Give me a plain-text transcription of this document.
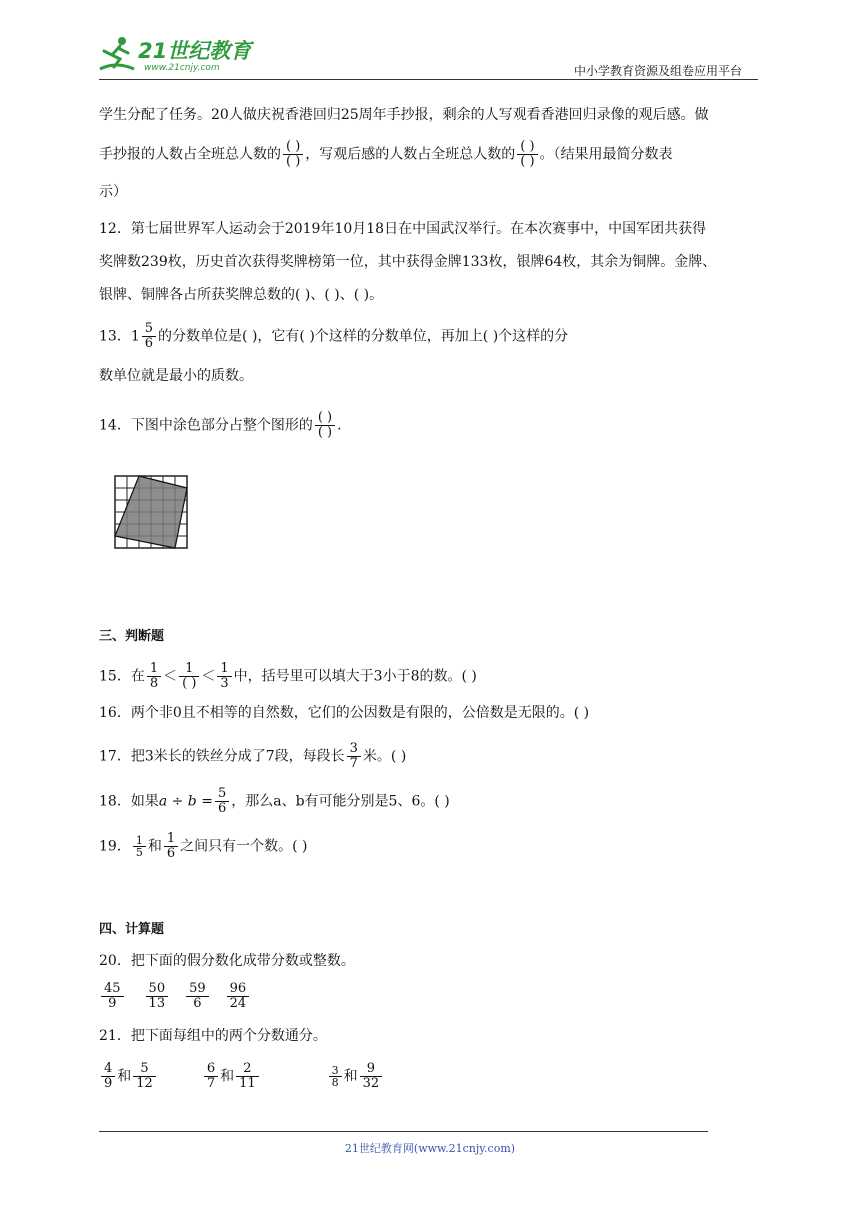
21世纪教育
www.21cnjy.com	中小学教育资源及组卷应用平台
学生分配了任务。20人做庆祝香港回归25周年手抄报，剩余的人写观看香港回归录像的观后感。做
手抄报的人数占全班总人数的 $\frac{( )}{( )}$ ，写观后感的人数占全班总人数的 $\frac{( )}{( )}$ 。（结果用最简分数表
示）
12．第七届世界军人运动会于2019年10月18日在中国武汉举行。在本次赛事中，中国军团共获得
奖牌数239枚，历史首次获得奖牌榜第一位，其中获得金牌133枚，银牌64枚，其余为铜牌。金牌、
银牌、铜牌各占所获奖牌总数的( )、( )、( )。
13．$1 \frac{5}{6}$ 的分数单位是( )，它有( )个这样的分数单位，再加上( )个这样的分
数单位就是最小的质数。
14．下图中涂色部分占整个图形的 $\frac{( )}{( )}$ .
三、判断题
15．在 $\frac{1}{8} < \frac{1}{( )} < \frac{1}{3}$ 中，括号里可以填大于3小于8的数。( )
16．两个非0且不相等的自然数，它们的公因数是有限的，公倍数是无限的。( )
17．把3米长的铁丝分成了7段，每段长 $\frac{3}{7}$ 米。( )
18．如果$a \div b = \frac{5}{6}$ ，那么a、b有可能分别是5、6。( )
19． $\frac{1}{5}$ 和 $\frac{1}{6}$ 之间只有一个数。( )
四、计算题
20．把下面的假分数化成带分数或整数。
$\frac{45}{9} \frac{50}{13} \frac{59}{6} \frac{96}{24}$
21．把下面每组中的两个分数通分。
$\frac{4}{9}$ 和 $\frac{5}{12}$	$\frac{6}{7}$ 和 $\frac{2}{11}$	$\frac{3}{8}$ 和 $\frac{9}{32}$
21世纪教育网(www.21cnjy.com)
